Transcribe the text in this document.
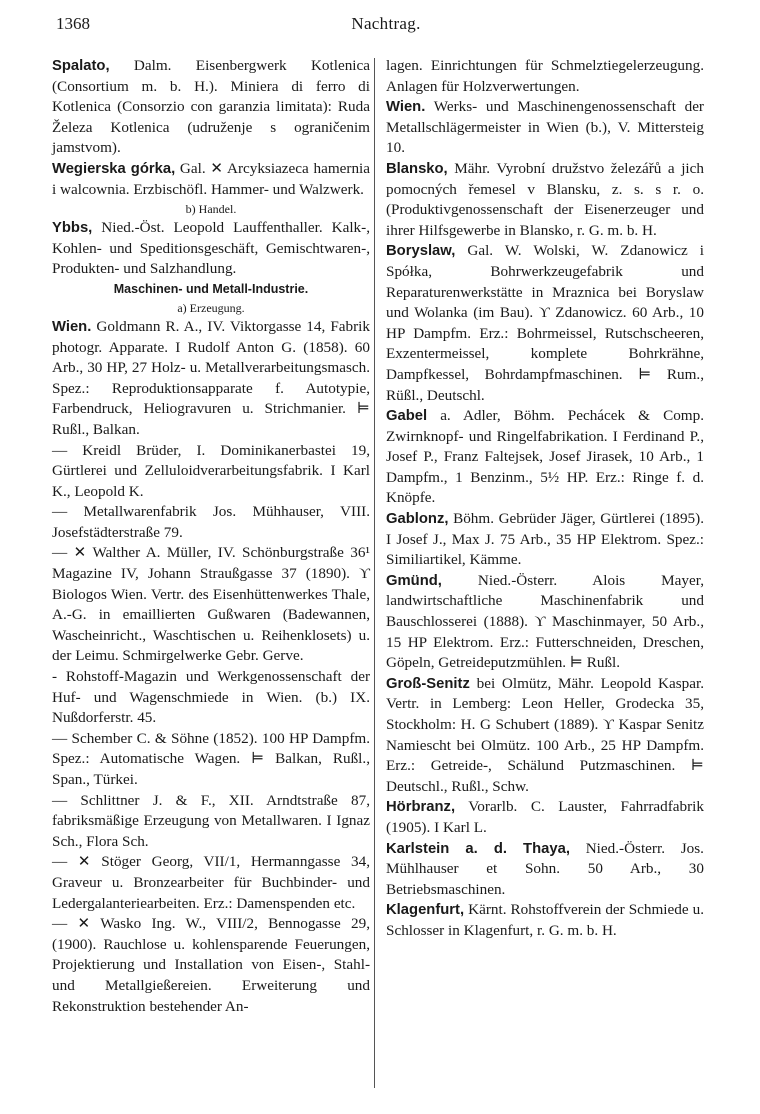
1368	Nachtrag.
Spalato, Dalm. Eisenbergwerk Kotlenica (Consortium m. b. H.). Miniera di ferro di Kotlenica (Consorzio con garanzia limitata): Ruda Železa Kotlenica (udruženje s ograničenim jamstvom).
Wegierska górka, Gal. ✕ Arcyksiazeca hamernia i walcownia. Erzbischöfl. Hammer- und Walzwerk.
b) Handel.
Ybbs, Nied.-Öst. Leopold Lauffenthaller. Kalk-, Kohlen- und Speditionsgeschäft, Gemischtwaren-, Produkten- und Salzhandlung.
Maschinen- und Metall-Industrie.
a) Erzeugung.
Wien. Goldmann R. A., IV. Viktorgasse 14, Fabrik photogr. Apparate. I Rudolf Anton G. (1858). 60 Arb., 30 HP, 27 Holz- u. Metallverarbeitungsmasch. Spez.: Reproduktionsapparate f. Autotypie, Farbendruck, Heliogravuren u. Strichmanier. ⊨ Rußl., Balkan.
— Kreidl Brüder, I. Dominikanerbastei 19, Gürtlerei und Zelluloidverarbeitungsfabrik. I Karl K., Leopold K.
— Metallwarenfabrik Jos. Mühhauser, VIII. Josefstädterstraße 79.
— ✕ Walther A. Müller, IV. Schönburgstraße 36¹ Magazine IV, Johann Straußgasse 37 (1890). ϒ Biologos Wien. Vertr. des Eisenhüttenwerkes Thale, A.-G. in emaillierten Gußwaren (Badewannen, Wascheinricht., Waschtischen u. Reihenklosets) u. der Leimu. Schmirgelwerke Gebr. Gerve.
- Rohstoff-Magazin und Werkgenossenschaft der Huf- und Wagenschmiede in Wien. (b.) IX. Nußdorferstr. 45.
— Schember C. & Söhne (1852). 100 HP Dampfm. Spez.: Automatische Wagen. ⊨ Balkan, Rußl., Span., Türkei.
— Schlittner J. & F., XII. Arndtstraße 87, fabriksmäßige Erzeugung von Metallwaren. I Ignaz Sch., Flora Sch.
— ✕ Stöger Georg, VII/1, Hermanngasse 34, Graveur u. Bronzearbeiter für Buchbinder- und Ledergalanteriearbeiten. Erz.: Damenspenden etc.
— ✕ Wasko Ing. W., VIII/2, Bennogasse 29, (1900). Rauchlose u. kohlensparende Feuerungen, Projektierung und Installation von Eisen-, Stahl- und Metallgießereien. Erweiterung und Rekonstruktion bestehender An-
lagen. Einrichtungen für Schmelztiegelerzeugung. Anlagen für Holzverwertungen.
Wien. Werks- und Maschinengenossenschaft der Metallschlägermeister in Wien (b.), V. Mittersteig 10.
Blansko, Mähr. Vyrobní družstvo železářů a jich pomocných řemesel v Blansku, z. s. s r. o. (Produktivgenossenschaft der Eisenerzeuger und ihrer Hilfsgewerbe in Blansko, r. G. m. b. H.
Boryslaw, Gal. W. Wolski, W. Zdanowicz i Spółka, Bohrwerkzeugefabrik und Reparaturenwerkstätte in Mraznica bei Boryslaw und Wolanka (im Bau). ϒ Zdanowicz. 60 Arb., 10 HP Dampfm. Erz.: Bohrmeissel, Rutschscheeren, Exzentermeissel, komplete Bohrkrähne, Dampfkessel, Bohrdampfmaschinen. ⊨ Rum., Rüßl., Deutschl.
Gabel a. Adler, Böhm. Pechácek & Comp. Zwirnknopf- und Ringelfabrikation. I Ferdinand P., Josef P., Franz Faltejsek, Josef Jirasek, 10 Arb., 1 Dampfm., 1 Benzinm., 5½ HP. Erz.: Ringe f. d. Knöpfe.
Gablonz, Böhm. Gebrüder Jäger, Gürtlerei (1895). I Josef J., Max J. 75 Arb., 35 HP Elektrom. Spez.: Similiartikel, Kämme.
Gmünd, Nied.-Österr. Alois Mayer, landwirtschaftliche Maschinenfabrik und Bauschlosserei (1888). ϒ Maschinmayer, 50 Arb., 15 HP Elektrom. Erz.: Futterschneiden, Dreschen, Göpeln, Getreideputzmühlen. ⊨ Rußl.
Groß-Senitz bei Olmütz, Mähr. Leopold Kaspar. Vertr. in Lemberg: Leon Heller, Grodecka 35, Stockholm: H. G Schubert (1889). ϒ Kaspar Senitz Namiescht bei Olmütz. 100 Arb., 25 HP Dampfm. Erz.: Getreide-, Schälund Putzmaschinen. ⊨ Deutschl., Rußl., Schw.
Hörbranz, Vorarlb. C. Lauster, Fahrradfabrik (1905). I Karl L.
Karlstein a. d. Thaya, Nied.-Österr. Jos. Mühlhauser et Sohn. 50 Arb., 30 Betriebsmaschinen.
Klagenfurt, Kärnt. Rohstoffverein der Schmiede u. Schlosser in Klagenfurt, r. G. m. b. H.
